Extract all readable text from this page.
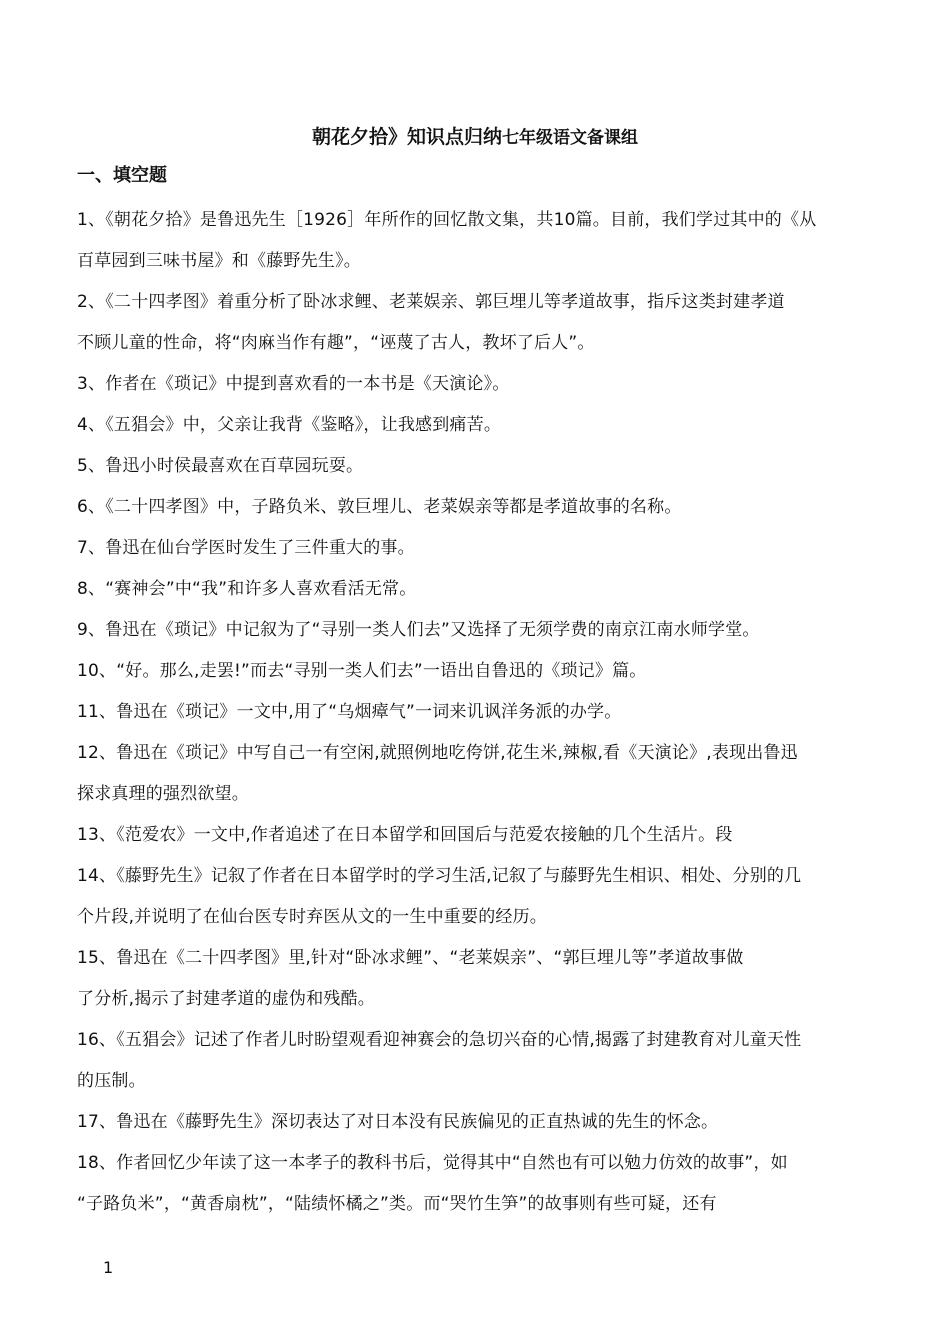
朝花夕拾》知识点归纳七年级语文备课组
一、填空题
1、《朝花夕拾》是鲁迅先生［1926］年所作的回忆散文集，共10篇。目前，我们学过其中的《从
百草园到三味书屋》和《藤野先生》。
2、《二十四孝图》着重分析了卧冰求鲤、老莱娱亲、郭巨埋儿等孝道故事，指斥这类封建孝道
不顾儿童的性命，将“肉麻当作有趣”，“诬蔑了古人，教坏了后人”。
3、作者在《琐记》中提到喜欢看的一本书是《天演论》。
4、《五猖会》中，父亲让我背《鉴略》，让我感到痛苦。
5、鲁迅小时侯最喜欢在百草园玩耍。
6、《二十四孝图》中，子路负米、敦巨埋儿、老菜娱亲等都是孝道故事的名称。
7、鲁迅在仙台学医时发生了三件重大的事。
8、“赛神会”中“我”和许多人喜欢看活无常。
9、鲁迅在《琐记》中记叙为了“寻别一类人们去”又选择了无须学费的南京江南水师学堂。
10、“好。那么,走罢!”而去“寻别一类人们去”一语出自鲁迅的《琐记》篇。
11、鲁迅在《琐记》一文中,用了“乌烟瘴气”一词来讥讽洋务派的办学。
12、鲁迅在《琐记》中写自己一有空闲,就照例地吃侉饼,花生米,辣椒,看《天演论》,表现出鲁迅
探求真理的强烈欲望。
13、《范爱农》一文中,作者追述了在日本留学和回国后与范爱农接触的几个生活片。段
14、《藤野先生》记叙了作者在日本留学时的学习生活,记叙了与藤野先生相识、相处、分别的几
个片段,并说明了在仙台医专时弃医从文的一生中重要的经历。
15、鲁迅在《二十四孝图》里,针对“卧冰求鲤”、“老莱娱亲”、“郭巨埋儿等”孝道故事做
了分析,揭示了封建孝道的虚伪和残酷。
16、《五猖会》记述了作者儿时盼望观看迎神赛会的急切兴奋的心情,揭露了封建教育对儿童天性
的压制。
17、鲁迅在《藤野先生》深切表达了对日本没有民族偏见的正直热诚的先生的怀念。
18、作者回忆少年读了这一本孝子的教科书后，觉得其中“自然也有可以勉力仿效的故事”，如
“子路负米”，“黄香扇枕”，“陆绩怀橘之”类。而“哭竹生笋”的故事则有些可疑，还有
1
